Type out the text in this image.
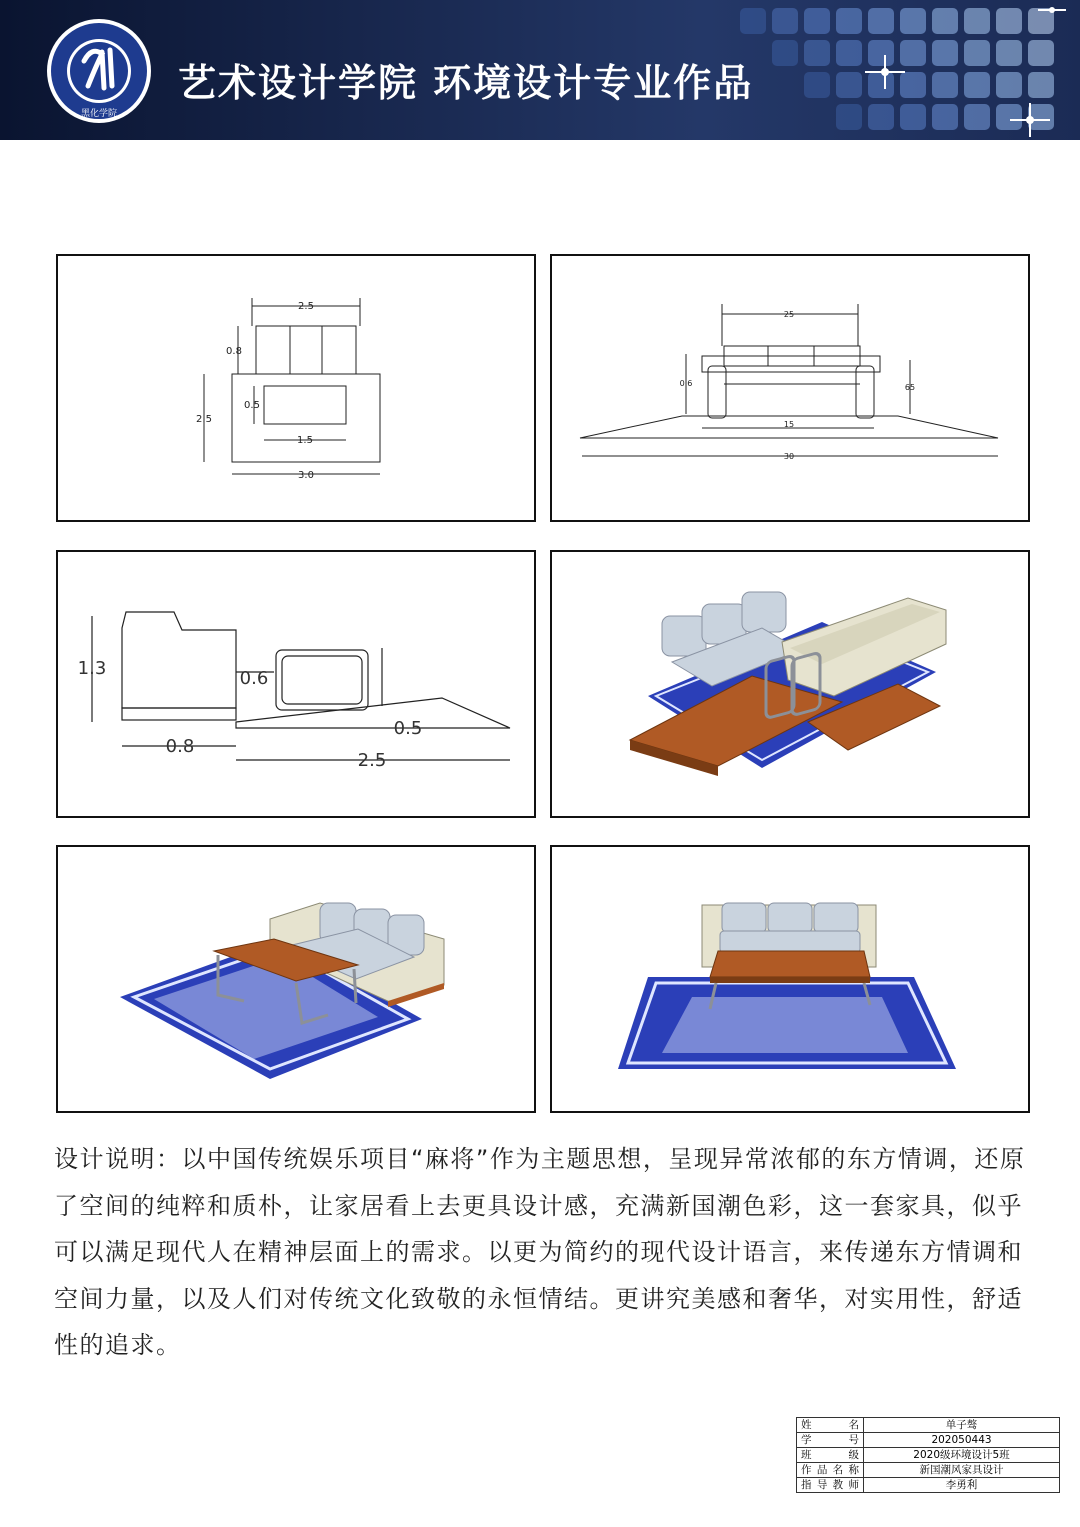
黑化学院
艺术设计学院 环境设计专业作品
2.5
0.8
2.5
0.5
1.5
3.0
25
0.6	65
15
30
1.3	0.6
0.5
0.8
2.5
设计说明：以中国传统娱乐项目“麻将”作为主题思想，呈现异常浓郁的东方情调，还原了空间的纯粹和质朴，让家居看上去更具设计感，充满新国潮色彩，这一套家具，似乎可以满足现代人在精神层面上的需求。以更为简约的现代设计语言，来传递东方情调和空间力量，以及人们对传统文化致敬的永恒情结。更讲究美感和奢华，对实用性，舒适性的追求。
姓名	单子骜
学号	202050443
班级	2020级环境设计5班
作品名称	新国潮风家具设计
指导教师	李勇利
